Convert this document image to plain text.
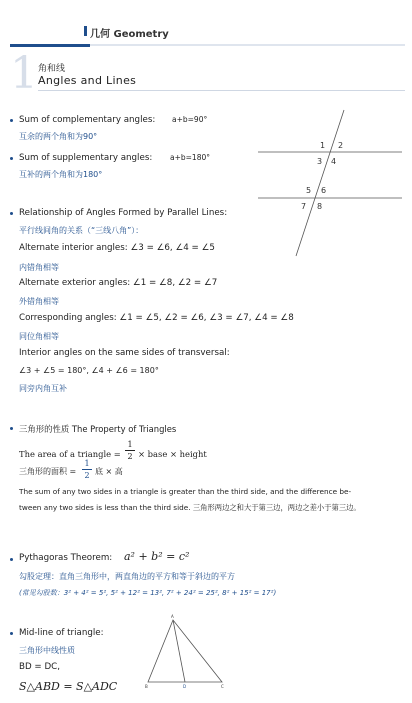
几何 Geometry
1 角和线
Angles and Lines
Sum of complementary angles: a+b=90°
互余的两个角和为90°
Sum of supplementary angles: a+b=180°
互补的两个角和为180°
1 2
3 4
5 6
7 8
Relationship of Angles Formed by Parallel Lines:
平行线间角的关系（“三线八角”）：
Alternate interior angles: ∠3 = ∠6, ∠4 = ∠5
内错角相等
Alternate exterior angles: ∠1 = ∠8, ∠2 = ∠7
外错角相等
Corresponding angles: ∠1 = ∠5, ∠2 = ∠6, ∠3 = ∠7, ∠4 = ∠8
同位角相等
Interior angles on the same sides of transversal:
∠3 + ∠5 = 180°, ∠4 + ∠6 = 180°
同旁内角互补
三角形的性质 The Property of Triangles
The area of a triangle =
1
2 × base × height
三角形的面积 =
1
2 底 × 高
The sum of any two sides in a triangle is greater than the third side, and the difference be-
tween any two sides is less than the third side. 三角形两边之和大于第三边，两边之差小于第三边。
Pythagoras Theorem: a² + b² = c²
勾股定理：直角三角形中，两直角边的平方和等于斜边的平方
(常见勾股数：3² + 4² = 5², 5² + 12² = 13², 7² + 24² = 25², 8² + 15² = 17²)
Mid-line of triangle:
三角形中线性质
BD = DC,
S△ABD = S△ADC
A
B	D	C
